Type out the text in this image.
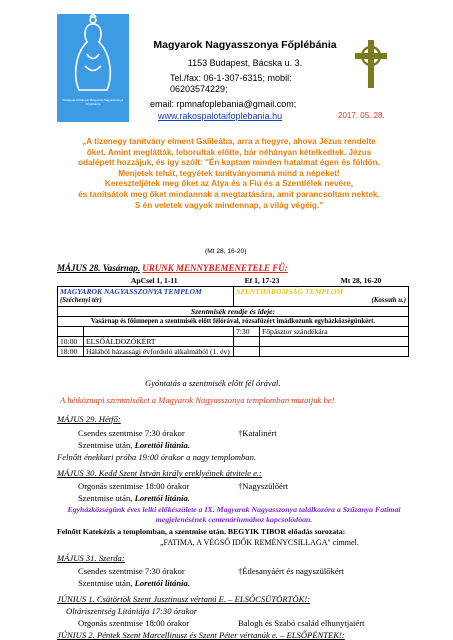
Budapest-Kőbányai Magyarok Nagyasszonya Főplébánia
Magyarok Nagyasszonya Főplébánia
1153 Budapest, Bácska u. 3.
Tel./fax: 06-1-307-6315; mobil:
06203574229;
email: rpmnafoplebania@gmail.com;
www.rakospalotaifoplebania.hu	2017. 05. 28.
„A tizenegy tanítvány elment Galileába, arra a hegyre, ahova Jézus rendelte
őket. Amint meglátták, leborultak előtte, bár néhányan kételkedtek. Jézus
odalépett hozzájuk, és így szólt: "Én kaptam minden hatalmat égen és földön.
Menjetek tehát, tegyétek tanítványommá mind a népeket!
Kereszteljétek meg őket az Atya és a Fiú és a Szentlélek nevére,
és tanítsátok meg őket mindannak a megtartására, amit parancsoltam nektek.
S én veletek vagyok mindennap, a világ végéig."
(Mt 28, 16-20)
MÁJUS 28. Vasárnap. URUNK MENNYBEMENETELE FŰ:
ApCsel 1, 1-11 Ef 1, 17-23 Mt 28, 16-20			
MAGYAROK NAGYASSZONYA TEMPLOM		SZENTHÁROMSÁG TEMPLOM	
(Széchenyi tér)		(Kossuth u.)	
Szentmisék rendje és ideje:			
Vasárnap és főünnepen a szentmisék előtt félórával, rózsafüzért imádkozunk egyházközségünkért.			
		7:30	Főpásztor szándékára
10:00	ELSŐÁLDOZÓKÉRT		
18:00	Hálából házassági évforduló alkalmából (1. év)		
Gyóntatás a szentmisék előtt fél órával.
A hétköznapi szentmiséket a Magyarok Nagyasszonya templomban mutatjuk be!
MÁJUS 29. Hétfő:
Csendes szentmise 7:30 órakor	†Katalinért
Szentmise után, Lorettói litánia.
Felnőtt énekkari próba 19:00 órakor a nagy templomban.
MÁJUS 30. Kedd Szent István király ereklyéinek átvitele e.:
Orgonás szentmise 18:00 órakor	†Nagyszülőért
Szentmise után, Lorettói litánia.
Egyházközségünk éves lelki előkészülete a IX. Magyarok Nagyasszonya találkozóra a Szűzanya Fatimai megjelenésének centenáriumához kapcsolódóan.
Felnőtt Katekézis a templomban, a szentmise után. BEGYIK TIBOR előadás sorozata:
„FATIMA, A VÉGSŐ IDŐK REMÉNYCSILLAGA" címmel.
MÁJUS 31. Szerda:
Csendes szentmise 7:30 órakor	†Édesanyáért és nagyszülőkért
Szentmise után, Lorettói litánia.
JÚNIUS 1. Csütörtök Szent Jusztinusz vértanú E. – ELSŐCSÜTÖRTÖK!:
Oltáriszentség Litániája 17:30 órakor
Orgonás szentmise 18:00 órakor	Balogh és Szabó család elhunytjaiért
JÚNIUS 2. Péntek Szent Marcellinusz és Szent Péter vértanúk e. – ELSŐPÉNTEK!:
